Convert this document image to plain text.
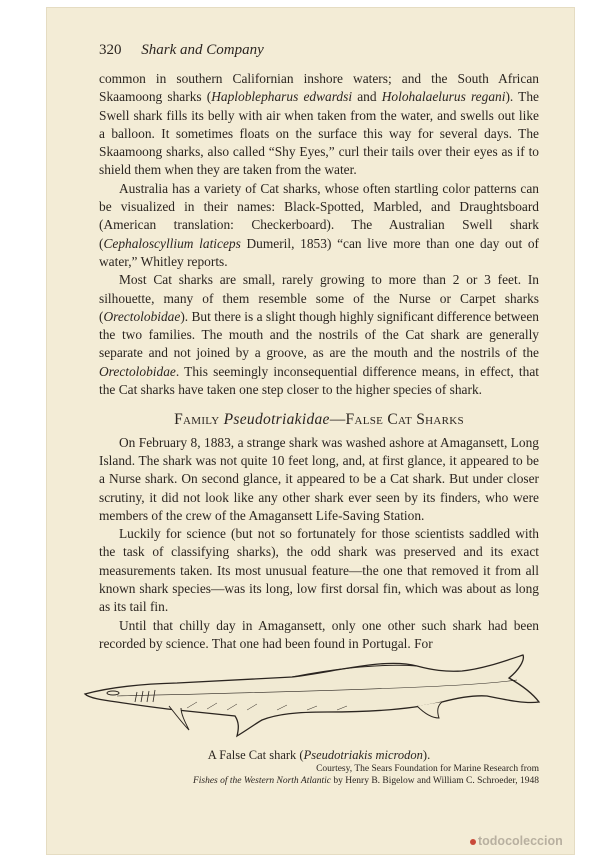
320 Shark and Company

common in southern Californian inshore waters; and the South African Skaamoong sharks (Haploblepharus edwardsi and Holohalaelurus regani). The Swell shark fills its belly with air when taken from the water, and swells out like a balloon. It sometimes floats on the surface this way for several days. The Skaamoong sharks, also called “Shy Eyes,” curl their tails over their eyes as if to shield them when they are taken from the water.

Australia has a variety of Cat sharks, whose often startling color patterns can be visualized in their names: Black-Spotted, Marbled, and Draughtsboard (American translation: Checkerboard). The Australian Swell shark (Cephaloscyllium laticeps Dumeril, 1853) “can live more than one day out of water,” Whitley reports.

Most Cat sharks are small, rarely growing to more than 2 or 3 feet. In silhouette, many of them resemble some of the Nurse or Carpet sharks (Orectolobidae). But there is a slight though highly significant difference between the two families. The mouth and the nostrils of the Cat shark are generally separate and not joined by a groove, as are the mouth and the nostrils of the Orectolobidae. This seemingly inconsequential difference means, in effect, that the Cat sharks have taken one step closer to the higher species of shark.

Family Pseudotriakidae—False Cat Sharks

On February 8, 1883, a strange shark was washed ashore at Amagansett, Long Island. The shark was not quite 10 feet long, and, at first glance, it appeared to be a Nurse shark. On second glance, it appeared to be a Cat shark. But under closer scrutiny, it did not look like any other shark ever seen by its finders, who were members of the crew of the Amagansett Life-Saving Station.

Luckily for science (but not so fortunately for those scientists saddled with the task of classifying sharks), the odd shark was preserved and its exact measurements taken. Its most unusual feature—the one that removed it from all known shark species—was its long, low first dorsal fin, which was about as long as its tail fin.

Until that chilly day in Amagansett, only one other such shark had been recorded by science. That one had been found in Portugal. For

A False Cat shark (Pseudotriakis microdon).
Courtesy, The Sears Foundation for Marine Research from
Fishes of the Western North Atlantic by Henry B. Bigelow and William C. Schroeder, 1948
todocoleccion
